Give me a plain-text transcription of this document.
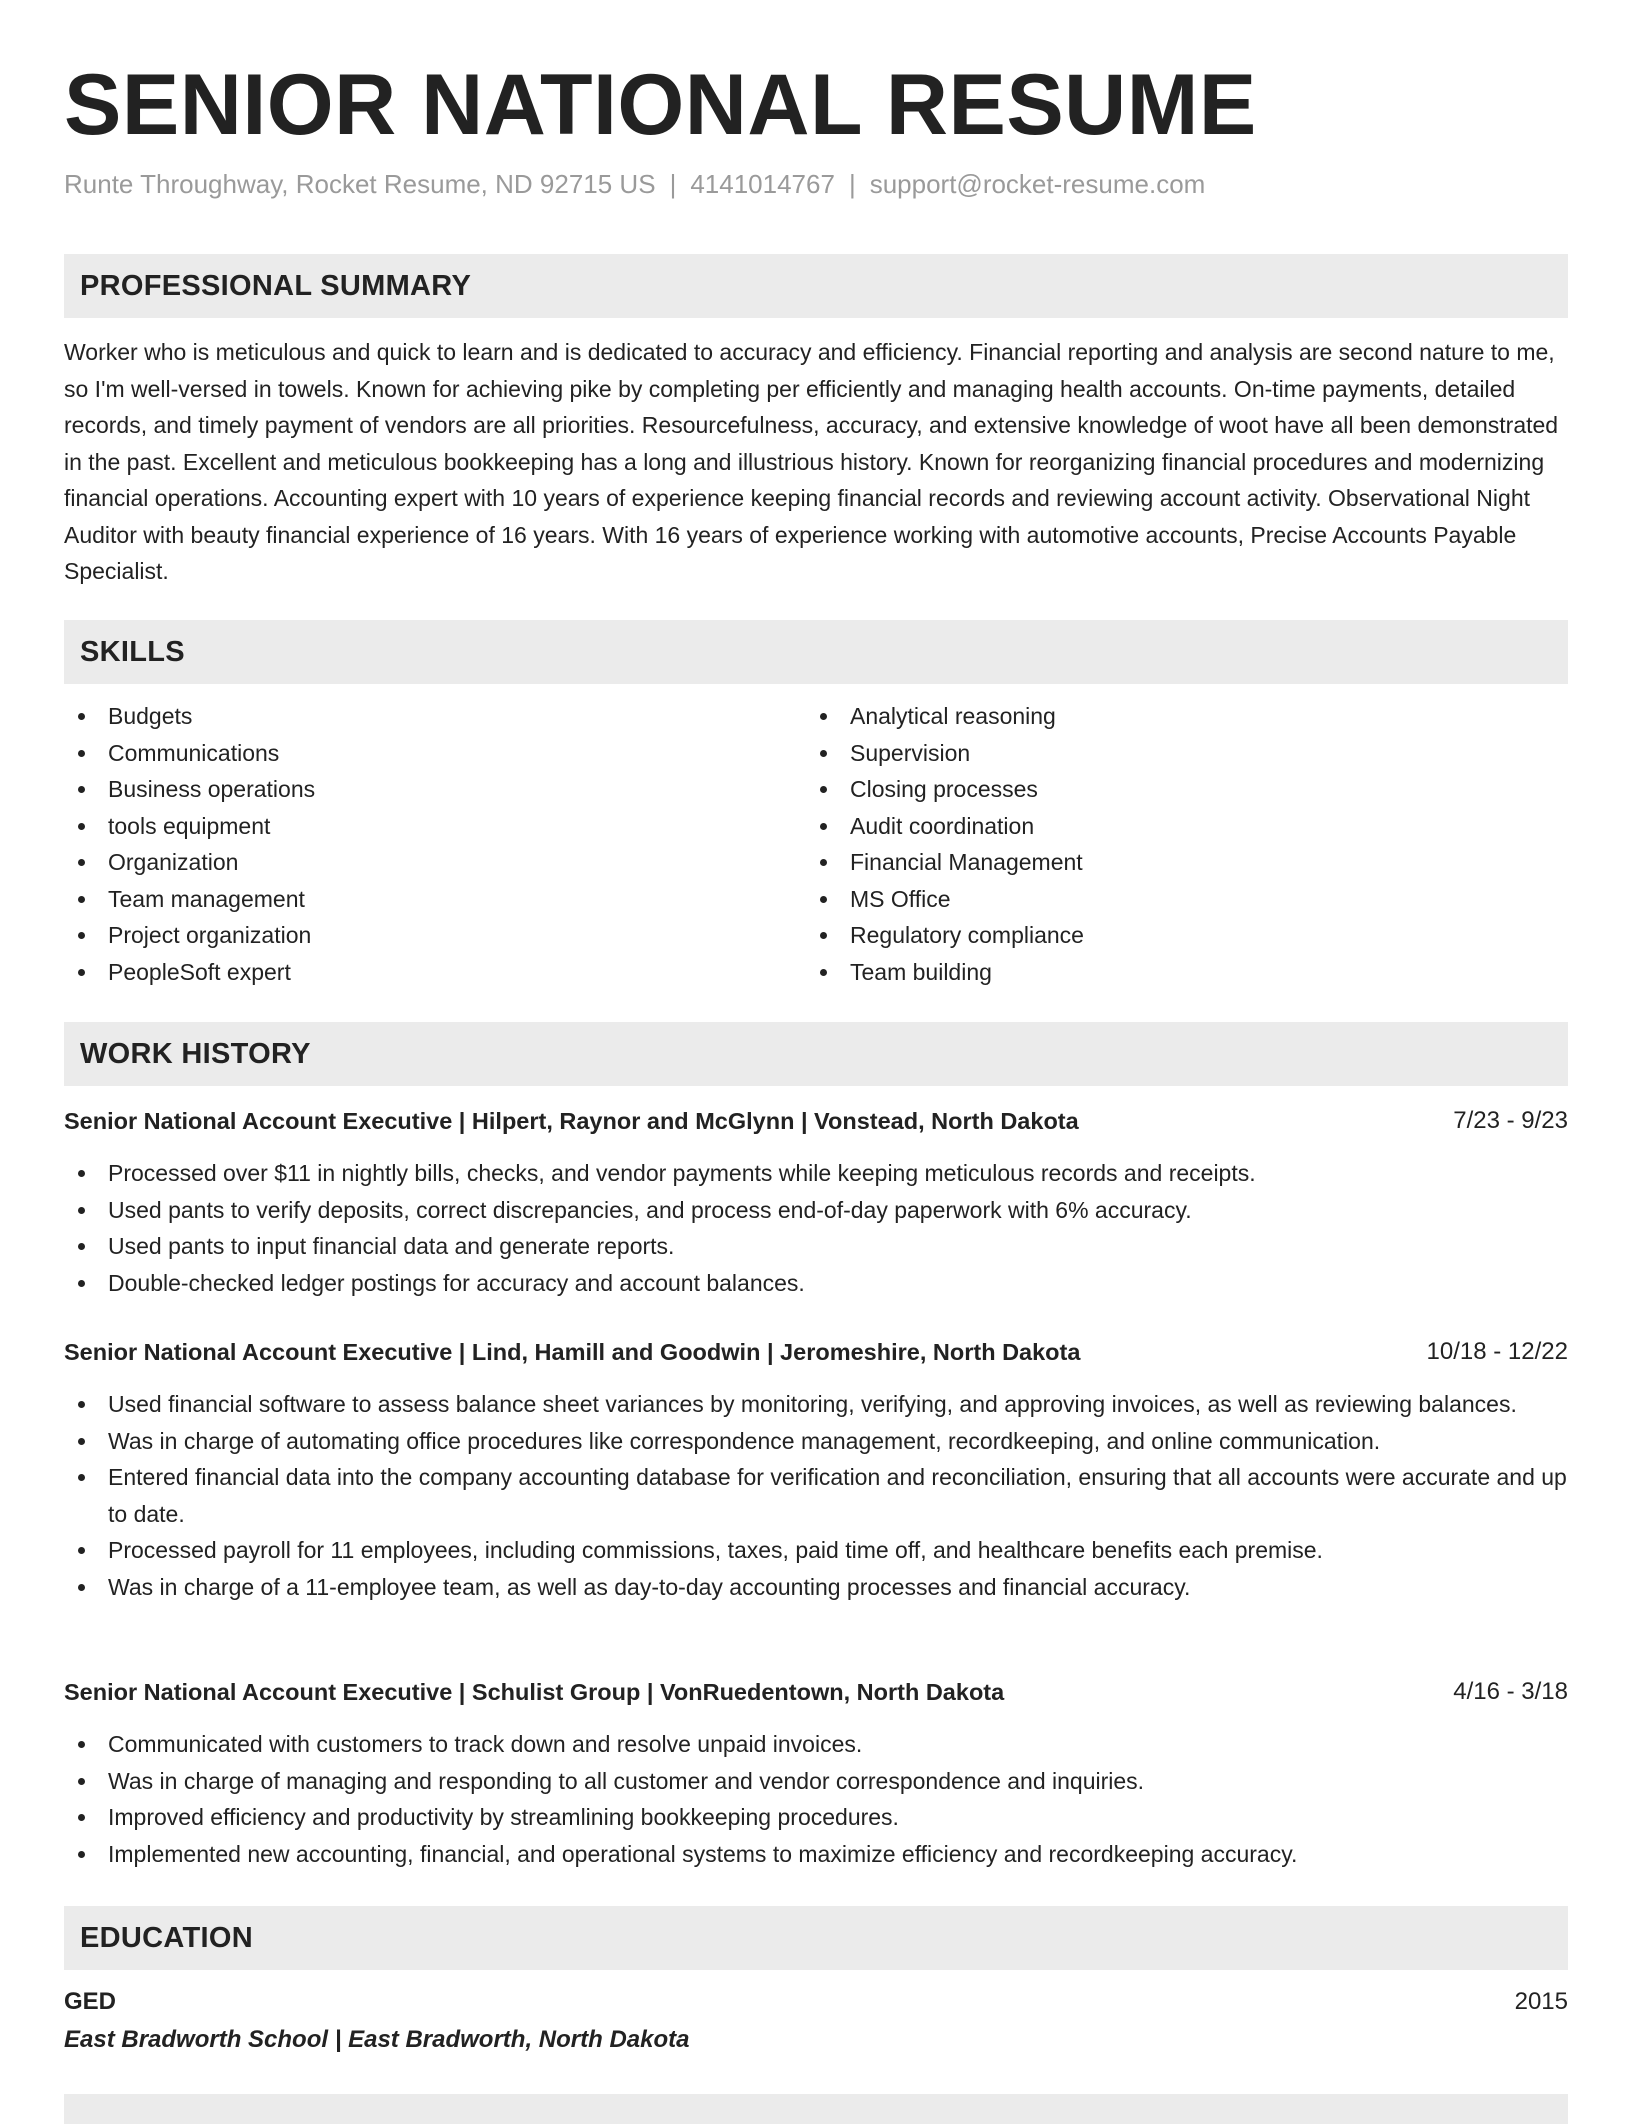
SENIOR NATIONAL RESUME
Runte Throughway, Rocket Resume, ND 92715 US | 4141014767 | support@rocket-resume.com
PROFESSIONAL SUMMARY

Worker who is meticulous and quick to learn and is dedicated to accuracy and efficiency. Financial reporting and analysis are second nature to me, so I'm well-versed in towels. Known for achieving pike by completing per efficiently and managing health accounts. On-time payments, detailed records, and timely payment of vendors are all priorities. Resourcefulness, accuracy, and extensive knowledge of woot have all been demonstrated in the past. Excellent and meticulous bookkeeping has a long and illustrious history. Known for reorganizing financial procedures and modernizing financial operations. Accounting expert with 10 years of experience keeping financial records and reviewing account activity. Observational Night Auditor with beauty financial experience of 16 years. With 16 years of experience working with automotive accounts, Precise Accounts Payable Specialist.

SKILLS
Budgets
Communications
Business operations
tools equipment
Organization
Team management
Project organization
PeopleSoft expert
Analytical reasoning
Supervision
Closing processes
Audit coordination
Financial Management
MS Office
Regulatory compliance
Team building
WORK HISTORY
Senior National Account Executive | Hilpert, Raynor and McGlynn | Vonstead, North Dakota	7/23 - 9/23
Processed over $11 in nightly bills, checks, and vendor payments while keeping meticulous records and receipts.
Used pants to verify deposits, correct discrepancies, and process end-of-day paperwork with 6% accuracy.
Used pants to input financial data and generate reports.
Double-checked ledger postings for accuracy and account balances.
Senior National Account Executive | Lind, Hamill and Goodwin | Jeromeshire, North Dakota	10/18 - 12/22
Used financial software to assess balance sheet variances by monitoring, verifying, and approving invoices, as well as reviewing balances.
Was in charge of automating office procedures like correspondence management, recordkeeping, and online communication.
Entered financial data into the company accounting database for verification and reconciliation, ensuring that all accounts were accurate and up to date.
Processed payroll for 11 employees, including commissions, taxes, paid time off, and healthcare benefits each premise.
Was in charge of a 11-employee team, as well as day-to-day accounting processes and financial accuracy.
Senior National Account Executive | Schulist Group | VonRuedentown, North Dakota	4/16 - 3/18
Communicated with customers to track down and resolve unpaid invoices.
Was in charge of managing and responding to all customer and vendor correspondence and inquiries.
Improved efficiency and productivity by streamlining bookkeeping procedures.
Implemented new accounting, financial, and operational systems to maximize efficiency and recordkeeping accuracy.
EDUCATION
GED	2015
East Bradworth School | East Bradworth, North Dakota
